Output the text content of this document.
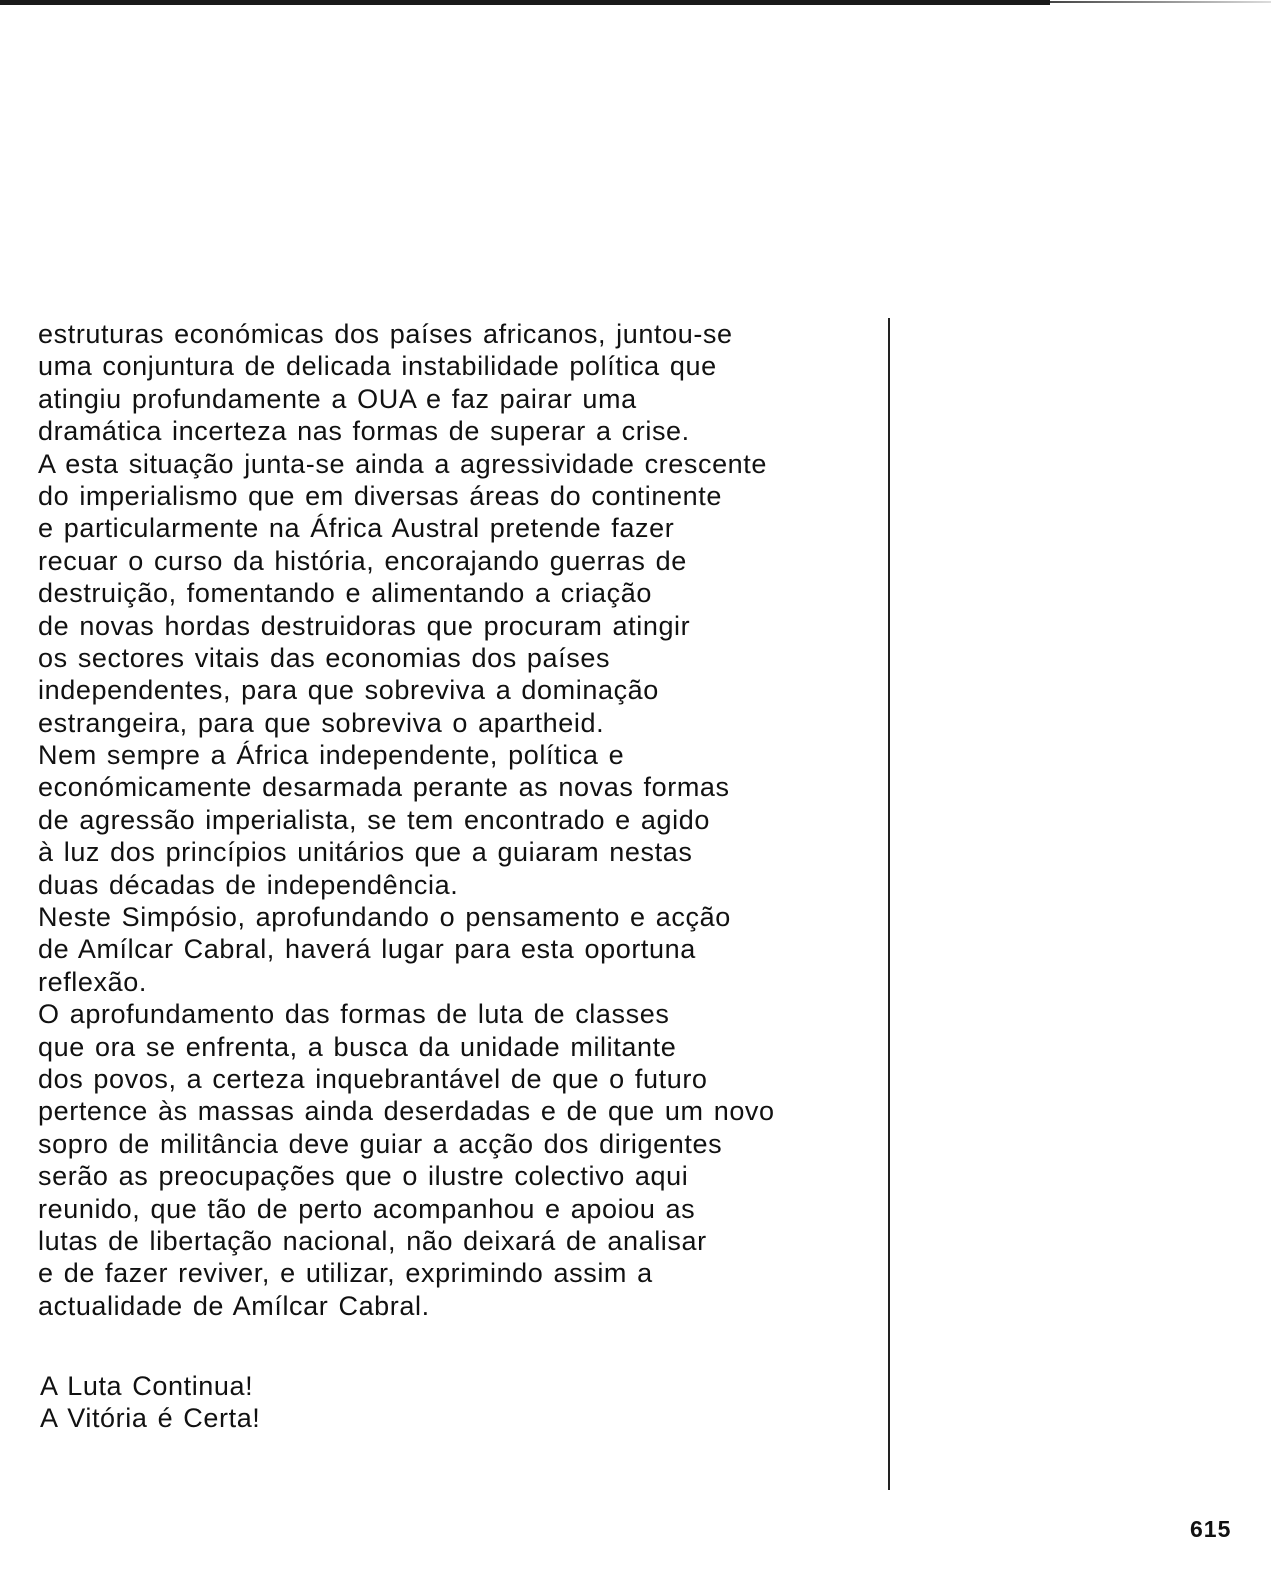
estruturas económicas dos países africanos, juntou-se
uma conjuntura de delicada instabilidade política que
atingiu profundamente a OUA e faz pairar uma
dramática incerteza nas formas de superar a crise.
A esta situação junta-se ainda a agressividade crescente
do imperialismo que em diversas áreas do continente
e particularmente na África Austral pretende fazer
recuar o curso da história, encorajando guerras de
destruição, fomentando e alimentando a criação
de novas hordas destruidoras que procuram atingir
os sectores vitais das economias dos países
independentes, para que sobreviva a dominação
estrangeira, para que sobreviva o apartheid.
Nem sempre a África independente, política e
económicamente desarmada perante as novas formas
de agressão imperialista, se tem encontrado e agido
à luz dos princípios unitários que a guiaram nestas
duas décadas de independência.
Neste Simpósio, aprofundando o pensamento e acção
de Amílcar Cabral, haverá lugar para esta oportuna
reflexão.
O aprofundamento das formas de luta de classes
que ora se enfrenta, a busca da unidade militante
dos povos, a certeza inquebrantável de que o futuro
pertence às massas ainda deserdadas e de que um novo
sopro de militância deve guiar a acção dos dirigentes
serão as preocupações que o ilustre colectivo aqui
reunido, que tão de perto acompanhou e apoiou as
lutas de libertação nacional, não deixará de analisar
e de fazer reviver, e utilizar, exprimindo assim a
actualidade de Amílcar Cabral.
A Luta Continua!
A Vitória é Certa!
615
